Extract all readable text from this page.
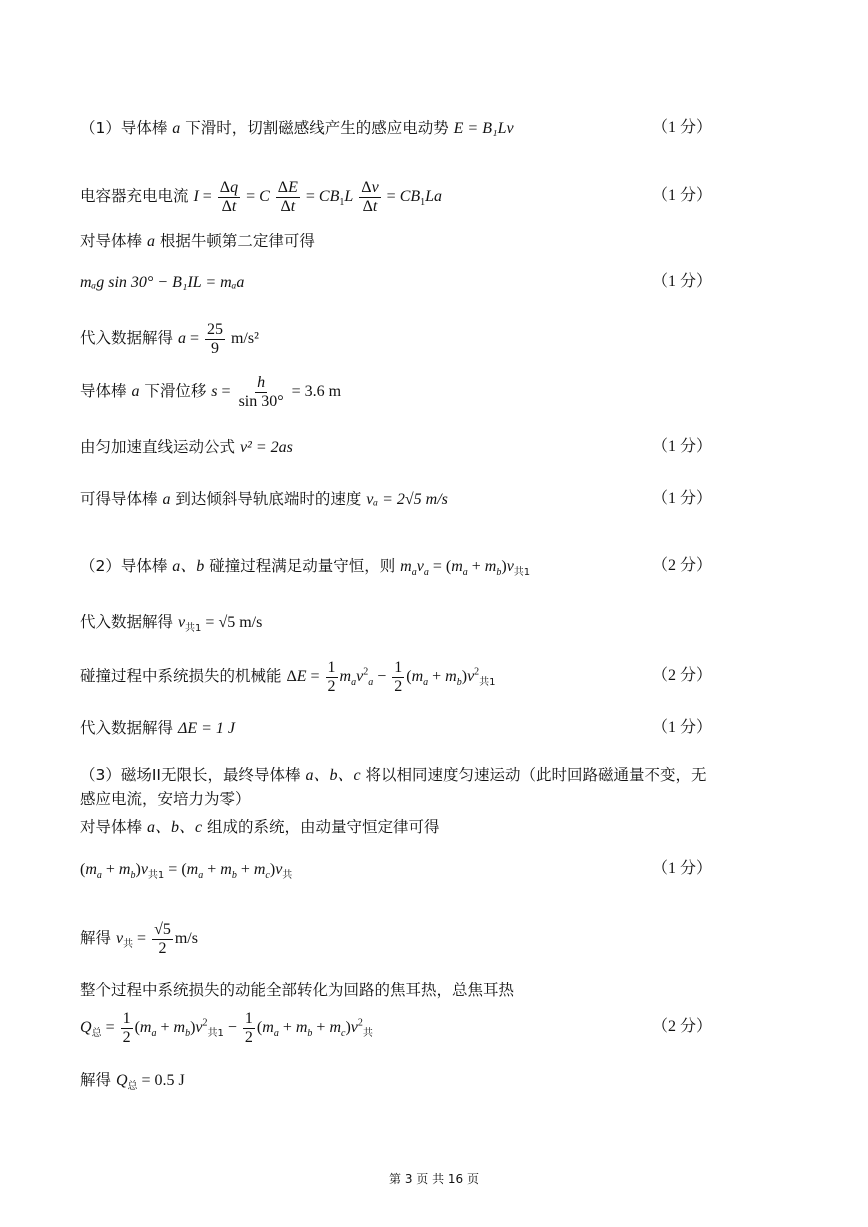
（1）导体棒 a 下滑时，切割磁感线产生的感应电动势 E = B₁Lv	（1 分）
电容器充电电流 $I = \frac{\Delta q}{\Delta t} = C \frac{\Delta E}{\Delta t} = CB_1L \frac{\Delta v}{\Delta t} = CB_1La$	（1 分）
对导体棒 a 根据牛顿第二定律可得
mₐg sin 30° − B₁IL = mₐa	（1 分）
代入数据解得 $a = \frac{25}{9} m/s^2$
导体棒 a 下滑位移 $s = \frac{h}{\sin 30^\circ} = 3.6$ m
由匀加速直线运动公式 v² = 2as	（1 分）
可得导体棒 a 到达倾斜导轨底端时的速度 vₐ = 2√5 m/s	（1 分）
（2）导体棒 a、b 碰撞过程满足动量守恒，则 $m_av_a = (m_a + m_b)v_{共1}$	（2 分）
代入数据解得 $v_{共1} = √5$ m/s
碰撞过程中系统损失的机械能 $\Delta E = \frac{1}{2} m_av^2_a - \frac{1}{2} (m_a + m_b)v^2_{共1}$	（2 分）
代入数据解得 ΔE = 1 J	（1 分）
（3）磁场II无限长，最终导体棒 a、b、c 将以相同速度匀速运动（此时回路磁通量不变，无
感应电流，安培力为零）
对导体棒 a、b、c 组成的系统，由动量守恒定律可得
$(m_a + m_b)v_{共1} = (m_a + m_b + m_c)v_共$	（1 分）
解得 $v_共 = \frac{√5}{2} m/s$
整个过程中系统损失的动能全部转化为回路的焦耳热，总焦耳热
$Q_总 = \frac{1}{2} (m_a + m_b)v^2_{共1} - \frac{1}{2} (m_a + m_b + m_c)v^2_共$	（2 分）
解得 $Q_总 = 0.5$ J
第 3 页 共 16 页
